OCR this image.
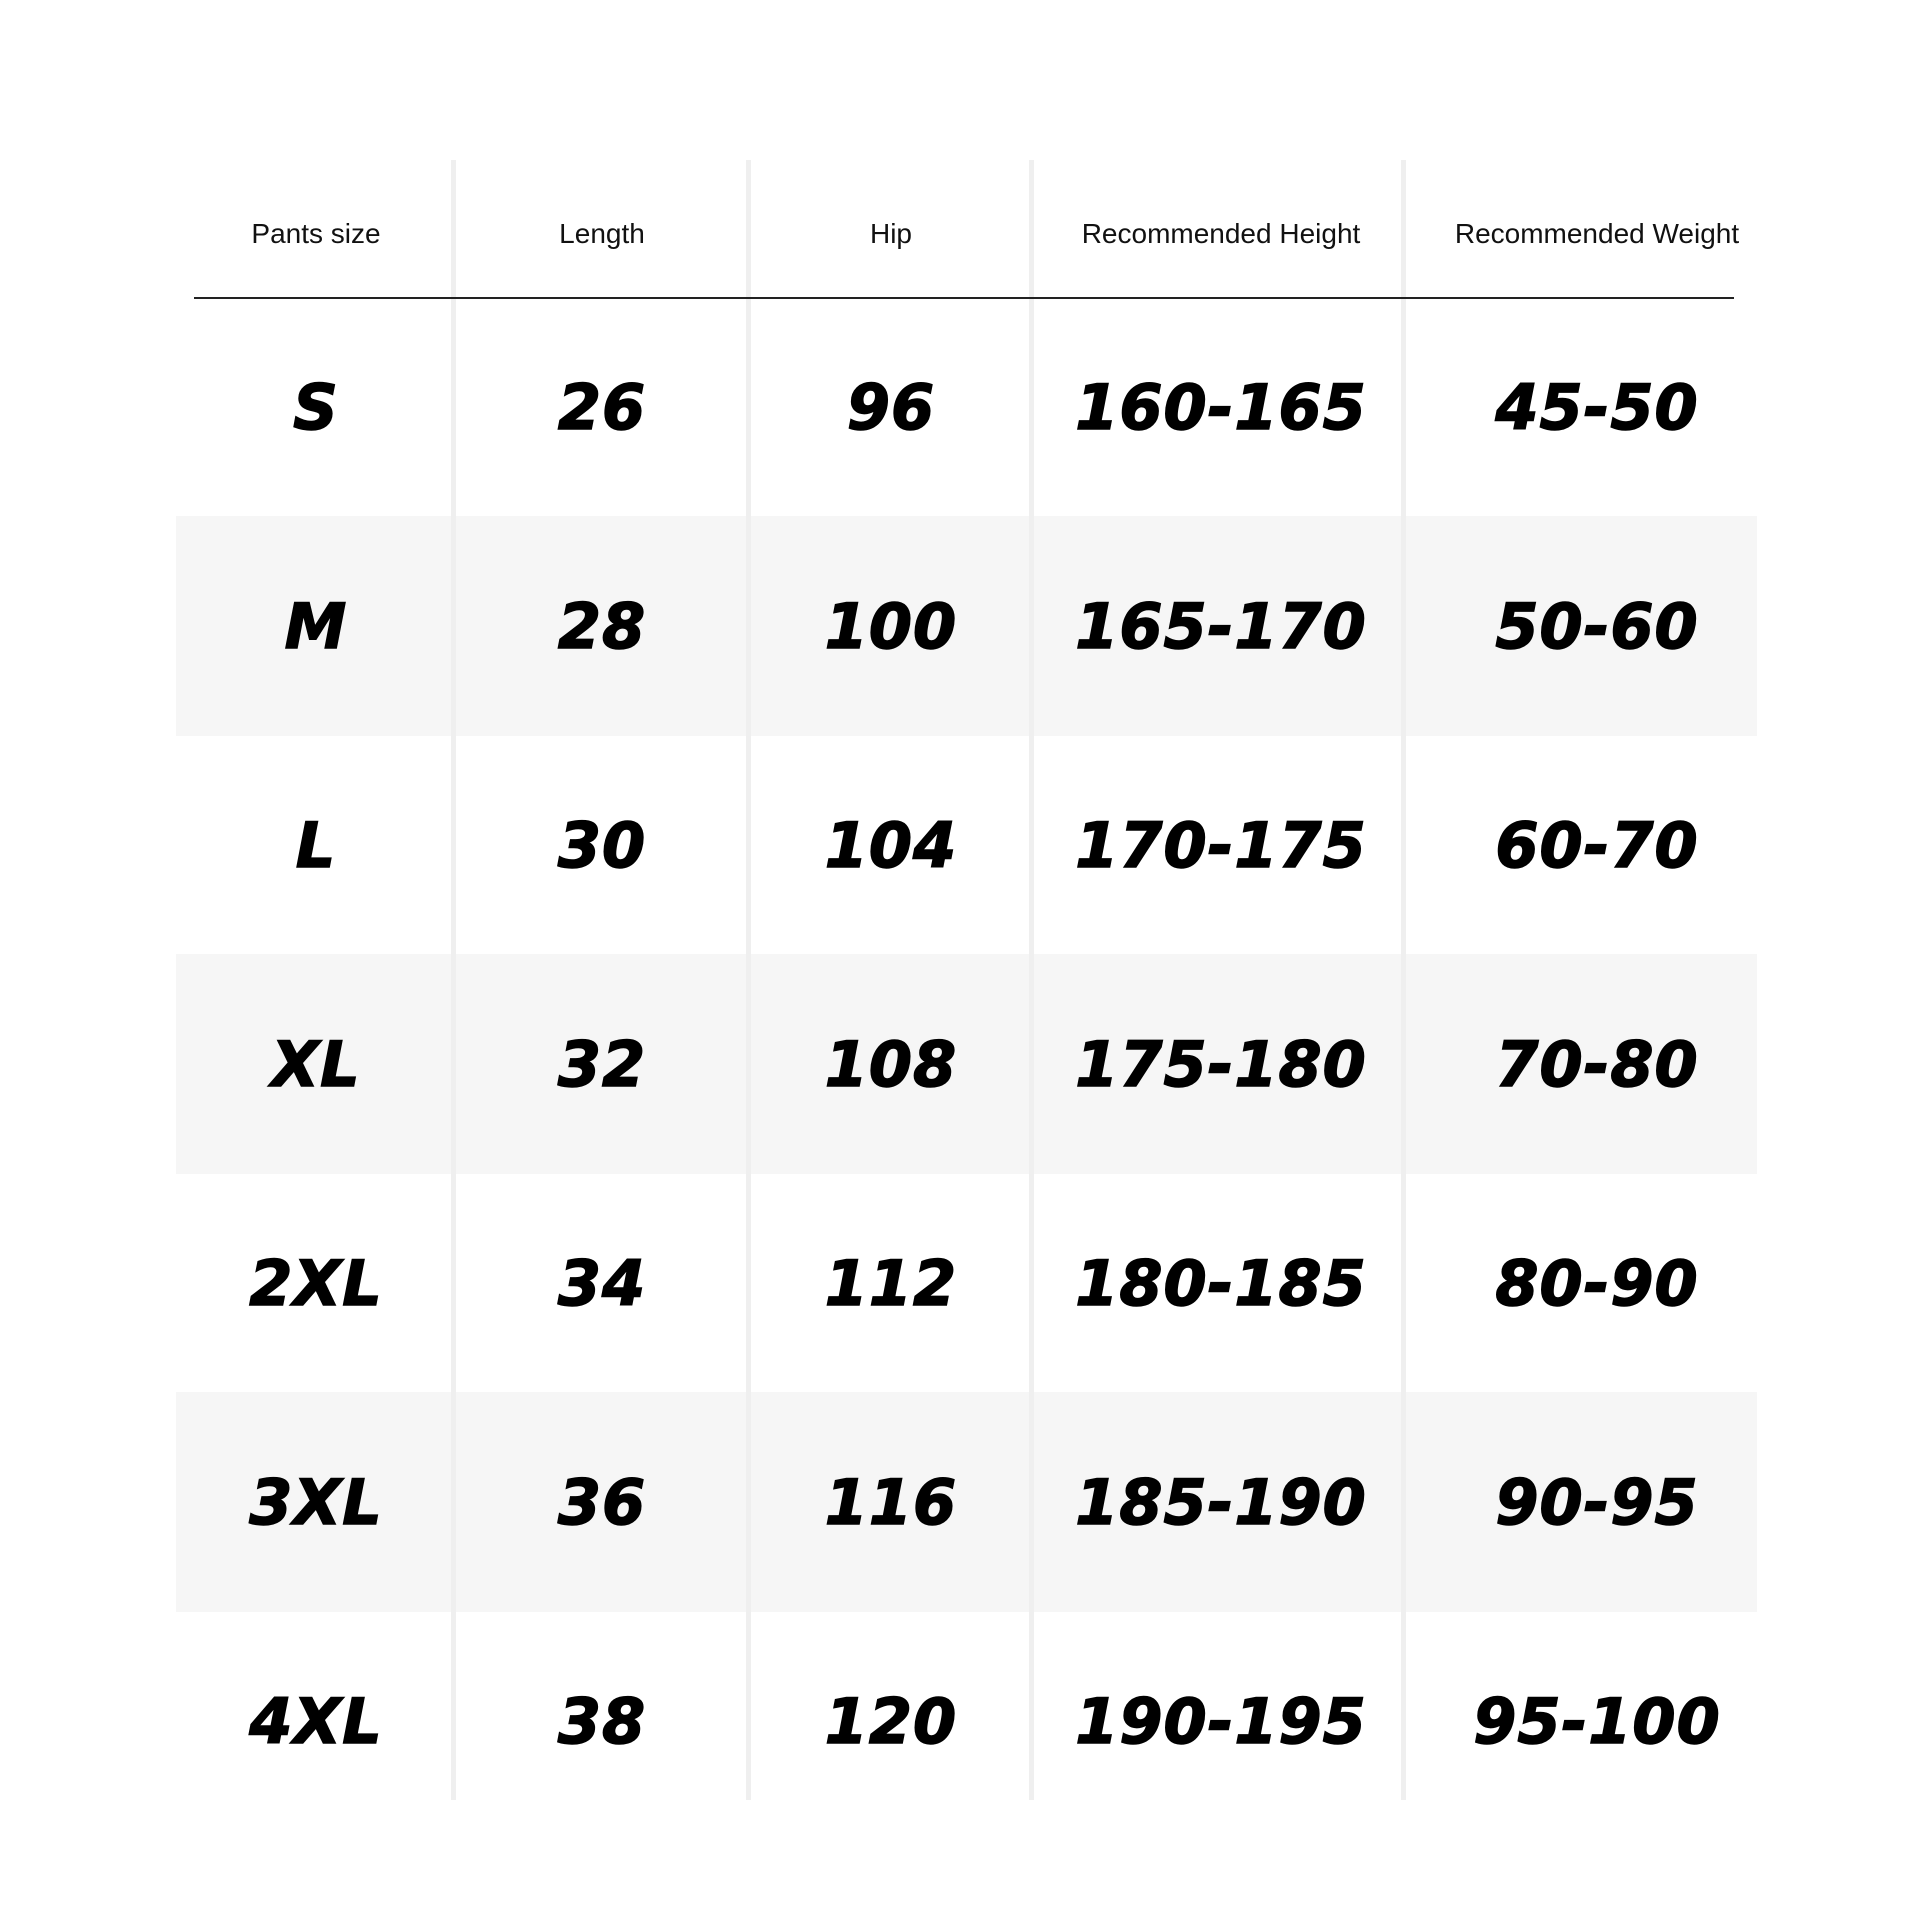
Pants size	Length	Hip	Recommended Height	Recommended Weight
S	26	96	160-165	45-50
M	28	100	165-170	50-60
L	30	104	170-175	60-70
XL	32	108	175-180	70-80
2XL	34	112	180-185	80-90
3XL	36	116	185-190	90-95
4XL	38	120	190-195	95-100
